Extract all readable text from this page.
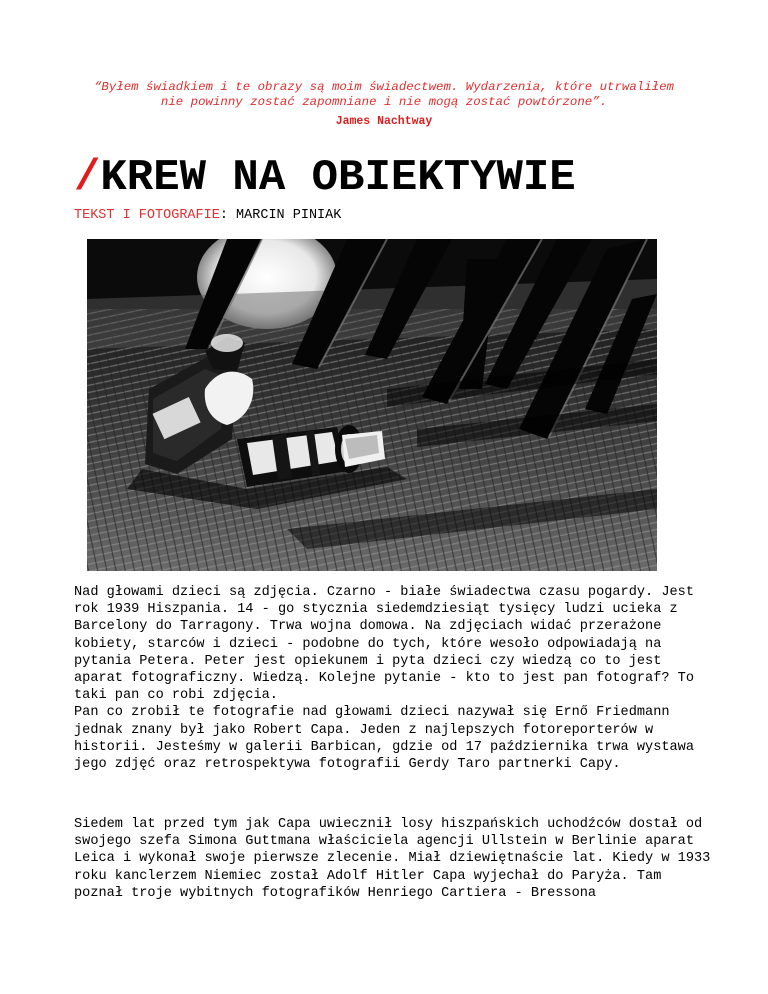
“Byłem świadkiem i te obrazy są moim świadectwem. Wydarzenia, które utrwaliłem
nie powinny zostać zapomniane i nie mogą zostać powtórzone”.
James Nachtway
/KREW NA OBIEKTYWIE
TEKST I FOTOGRAFIE: MARCIN PINIAK

Nad głowami dzieci są zdjęcia. Czarno - białe świadectwa czasu pogardy. Jest rok 1939 Hiszpania. 14 - go stycznia siedemdziesiąt tysięcy ludzi ucieka z Barcelony do Tarragony. Trwa wojna domowa. Na zdjęciach widać przerażone kobiety, starców i dzieci - podobne do tych, które wesoło odpowiadają na pytania Petera. Peter jest opiekunem i pyta dzieci czy wiedzą co to jest aparat fotograficzny. Wiedzą. Kolejne pytanie - kto to jest pan fotograf? To taki pan co robi zdjęcia.

Pan co zrobił te fotografie nad głowami dzieci nazywał się Ernő Friedmann jednak znany był jako Robert Capa. Jeden z najlepszych fotoreporterów w historii. Jesteśmy w galerii Barbican, gdzie od 17 października trwa wystawa jego zdjęć oraz retrospektywa fotografii Gerdy Taro partnerki Capy.

Siedem lat przed tym jak Capa uwiecznił losy hiszpańskich uchodźców dostał od swojego szefa Simona Guttmana właściciela agencji Ullstein w Berlinie aparat Leica i wykonał swoje pierwsze zlecenie. Miał dziewiętnaście lat. Kiedy w 1933 roku kanclerzem Niemiec został Adolf Hitler Capa wyjechał do Paryża. Tam poznał troje wybitnych fotografików Henriego Cartiera - Bressona
